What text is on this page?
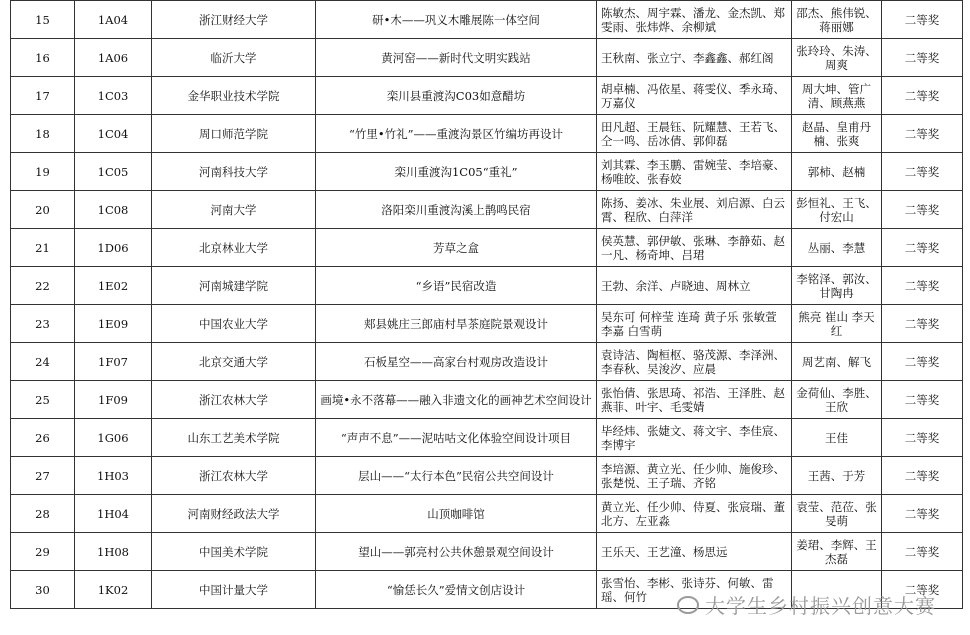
15	1A04	浙江财经大学	研•木——巩义木雕展陈一体空间	陈敏杰、周宇霖、潘龙、金杰凯、郑雯雨、张炜烨、余柳斌	邵杰、熊伟锐、蒋丽娜	二等奖
16	1A06	临沂大学	黄河窑——新时代文明实践站	王秋南、张立宁、李鑫鑫、郝红阁	张玲玲、朱涛、周爽	二等奖
17	1C03	金华职业技术学院	栾川县重渡沟C03如意醋坊	胡卓楠、冯依星、蒋雯仪、季永琦、万嘉仪	周大坤、管广清、顾燕燕	二等奖
18	1C04	周口师范学院	“竹里•竹礼”——重渡沟景区竹编坊再设计	田凡超、王晨钰、阮耀慧、王若飞、仝一鸣、岳冰倩、郭仰磊	赵晶、皇甫丹楠、张爽	二等奖
19	1C05	河南科技大学	栾川重渡沟1C05“重礼”	刘其霖、李玉鹏、雷婉莹、李培豪、杨唯皎、张春姣	郭柿、赵楠	二等奖
20	1C08	河南大学	洛阳栾川重渡沟溪上鹊鸣民宿	陈扬、姜冰、朱业展、刘启源、白云霄、程欣、白萍洋	彭恒礼、王飞、付宏山	二等奖
21	1D06	北京林业大学	芳草之盒	侯英慧、郭伊敏、张琳、李静茹、赵一凡、杨奇坤、吕珺	丛丽、李慧	二等奖
22	1E02	河南城建学院	“乡语”民宿改造	王勃、余洋、卢晓迪、周林立	李铭泽、郭汝、甘陶冉	二等奖
23	1E09	中国农业大学	郏县姚庄三郎庙村旱茶庭院景观设计	吴东可 何梓莹 连琦 黄子乐 张敏萱 李嘉 白雪萌	熊亮 崔山 李天红	二等奖
24	1F07	北京交通大学	石板星空——高家台村观房改造设计	袁诗洁、陶桓枢、骆茂源、李泽洲、李春秋、吴浚汐、应晨	周艺南、解飞	二等奖
25	1F09	浙江农林大学	画境•永不落幕——融入非遗文化的画神艺术空间设计	张怡倩、张思琦、祁浩、王泽胜、赵燕菲、叶宇、毛雯婧	金荷仙、李胜、王欣	二等奖
26	1G06	山东工艺美术学院	“声声不息”——泥咕咕文化体验空间设计项目	毕经炜、张婕文、蒋文宇、李佳宸、李博宇	王佳	二等奖
27	1H03	浙江农林大学	层山——“太行本色”民宿公共空间设计	李培源、黄立光、任少帅、施俊珍、张楚悦、王子瑞、齐铭	王茜、于芳	二等奖
28	1H04	河南财经政法大学	山顶咖啡馆	黄立光、任少帅、侍夏、张宸瑞、董北方、左亚淼	袁莹、范莅、张旻萌	二等奖
29	1H08	中国美术学院	望山——郭亮村公共休憩景观空间设计	王乐天、王艺潼、杨思远	姜珺、李辉、王杰磊	二等奖
30	1K02	中国计量大学	“愉恁长久”爱情文创店设计	张雪怡、李彬、张诗芬、何敏、雷瑶、何竹		二等奖
大学生乡村振兴创意大赛
